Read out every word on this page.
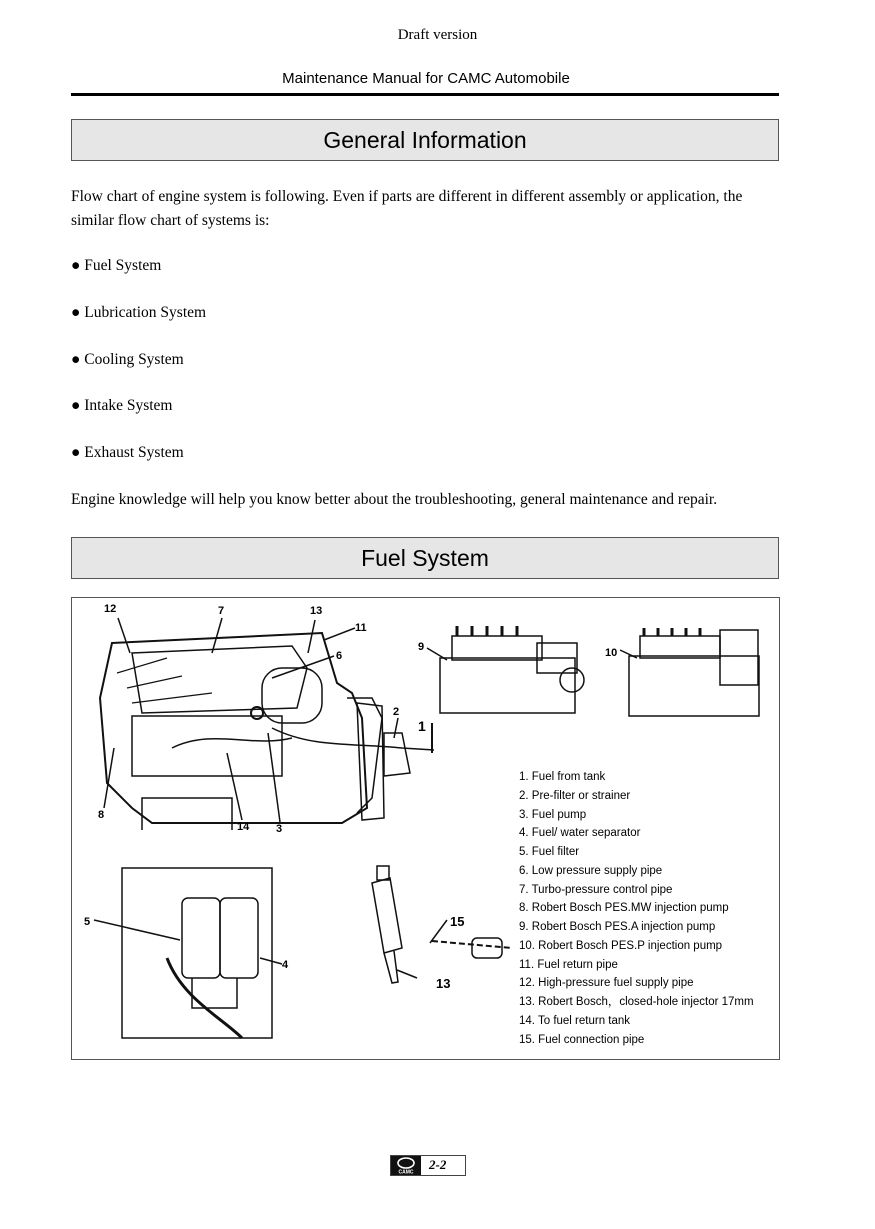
Draft version
Maintenance Manual for CAMC Automobile
General Information
Flow chart of engine system is following. Even if parts are different in different assembly or application, the similar flow chart of systems is:
● Fuel System
● Lubrication System
● Cooling System
● Intake System
● Exhaust System
Engine knowledge will help you know better about the troubleshooting, general maintenance and repair.
Fuel System
12	7	13
11
6
2
1
8
14 3
9	10
5
4
15
13
1. Fuel from tank
2. Pre-filter or strainer
3. Fuel pump
4. Fuel/ water separator
5. Fuel filter
6. Low pressure supply pipe
7. Turbo-pressure control pipe
8. Robert Bosch PES.MW injection pump
9. Robert Bosch PES.A injection pump
10. Robert Bosch PES.P injection pump
11. Fuel return pipe
12. High-pressure fuel supply pipe
13. Robert Bosch，closed-hole injector 17mm
14. To fuel return tank
15. Fuel connection pipe
CAMC
2-2
